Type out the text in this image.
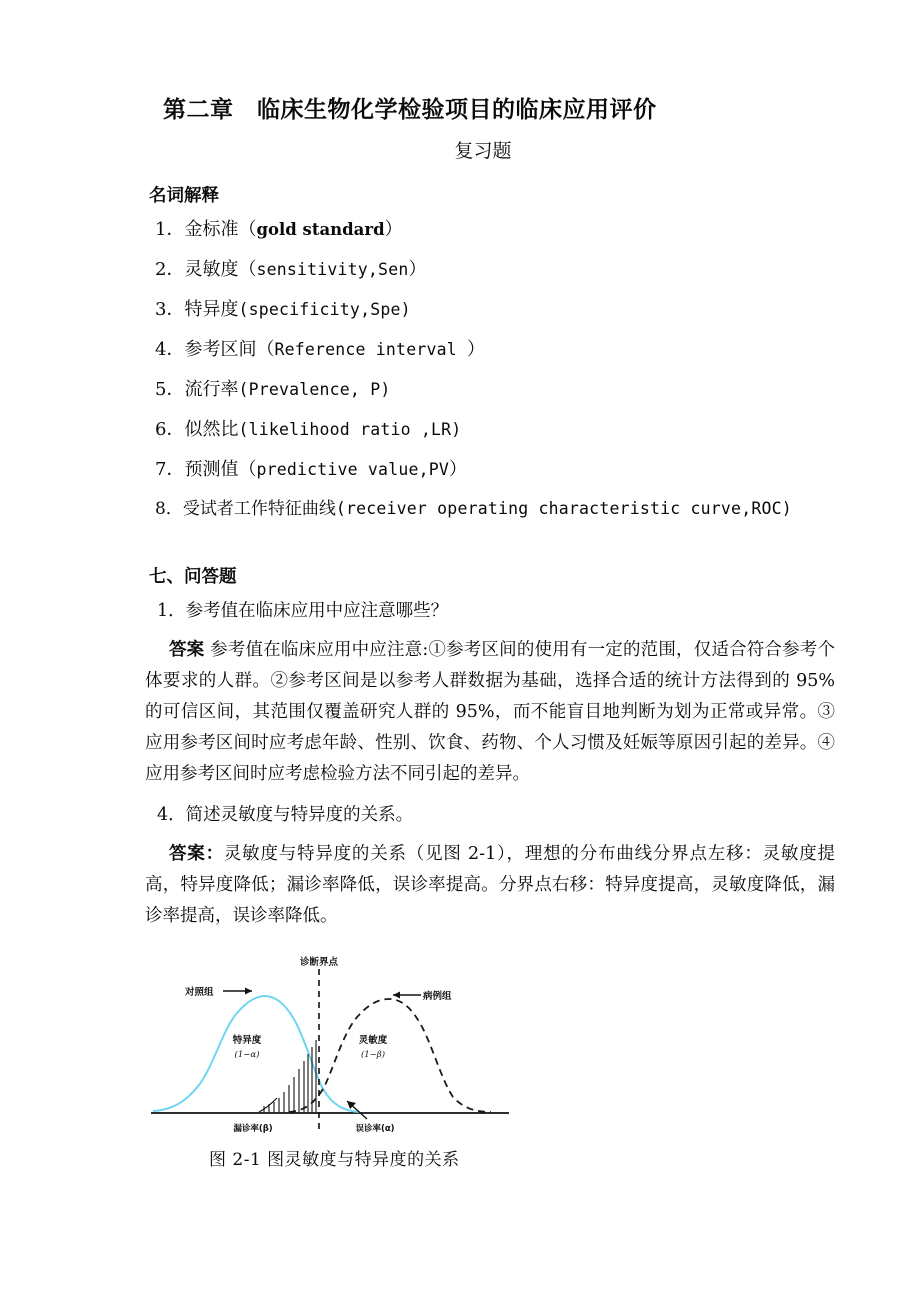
第二章　临床生物化学检验项目的临床应用评价
复习题
名词解释
1．金标准（gold standard）
2．灵敏度（sensitivity,Sen）
3．特异度(specificity,Spe)
4．参考区间（Reference interval ）
5．流行率(Prevalence, P)
6．似然比(likelihood ratio ,LR)
7．预测值（predictive value,PV）
8．受试者工作特征曲线(receiver operating characteristic curve,ROC)
七、问答题
1．参考值在临床应用中应注意哪些？

答案 参考值在临床应用中应注意:①参考区间的使用有一定的范围，仅适合符合参考个体要求的人群。②参考区间是以参考人群数据为基础，选择合适的统计方法得到的 95%的可信区间，其范围仅覆盖研究人群的 95%，而不能盲目地判断为划为正常或异常。③应用参考区间时应考虑年龄、性别、饮食、药物、个人习惯及妊娠等原因引起的差异。④应用参考区间时应考虑检验方法不同引起的差异。

4．简述灵敏度与特异度的关系。

答案：灵敏度与特异度的关系（见图 2-1），理想的分布曲线分界点左移：灵敏度提高，特异度降低；漏诊率降低，误诊率提高。分界点右移：特异度提高，灵敏度降低，漏诊率提高，误诊率降低。

诊断界点
对照组	病例组
特异度
(1−α)
灵敏度
(1−β)
漏诊率(β)	误诊率(α)
图 2-1 图灵敏度与特异度的关系
